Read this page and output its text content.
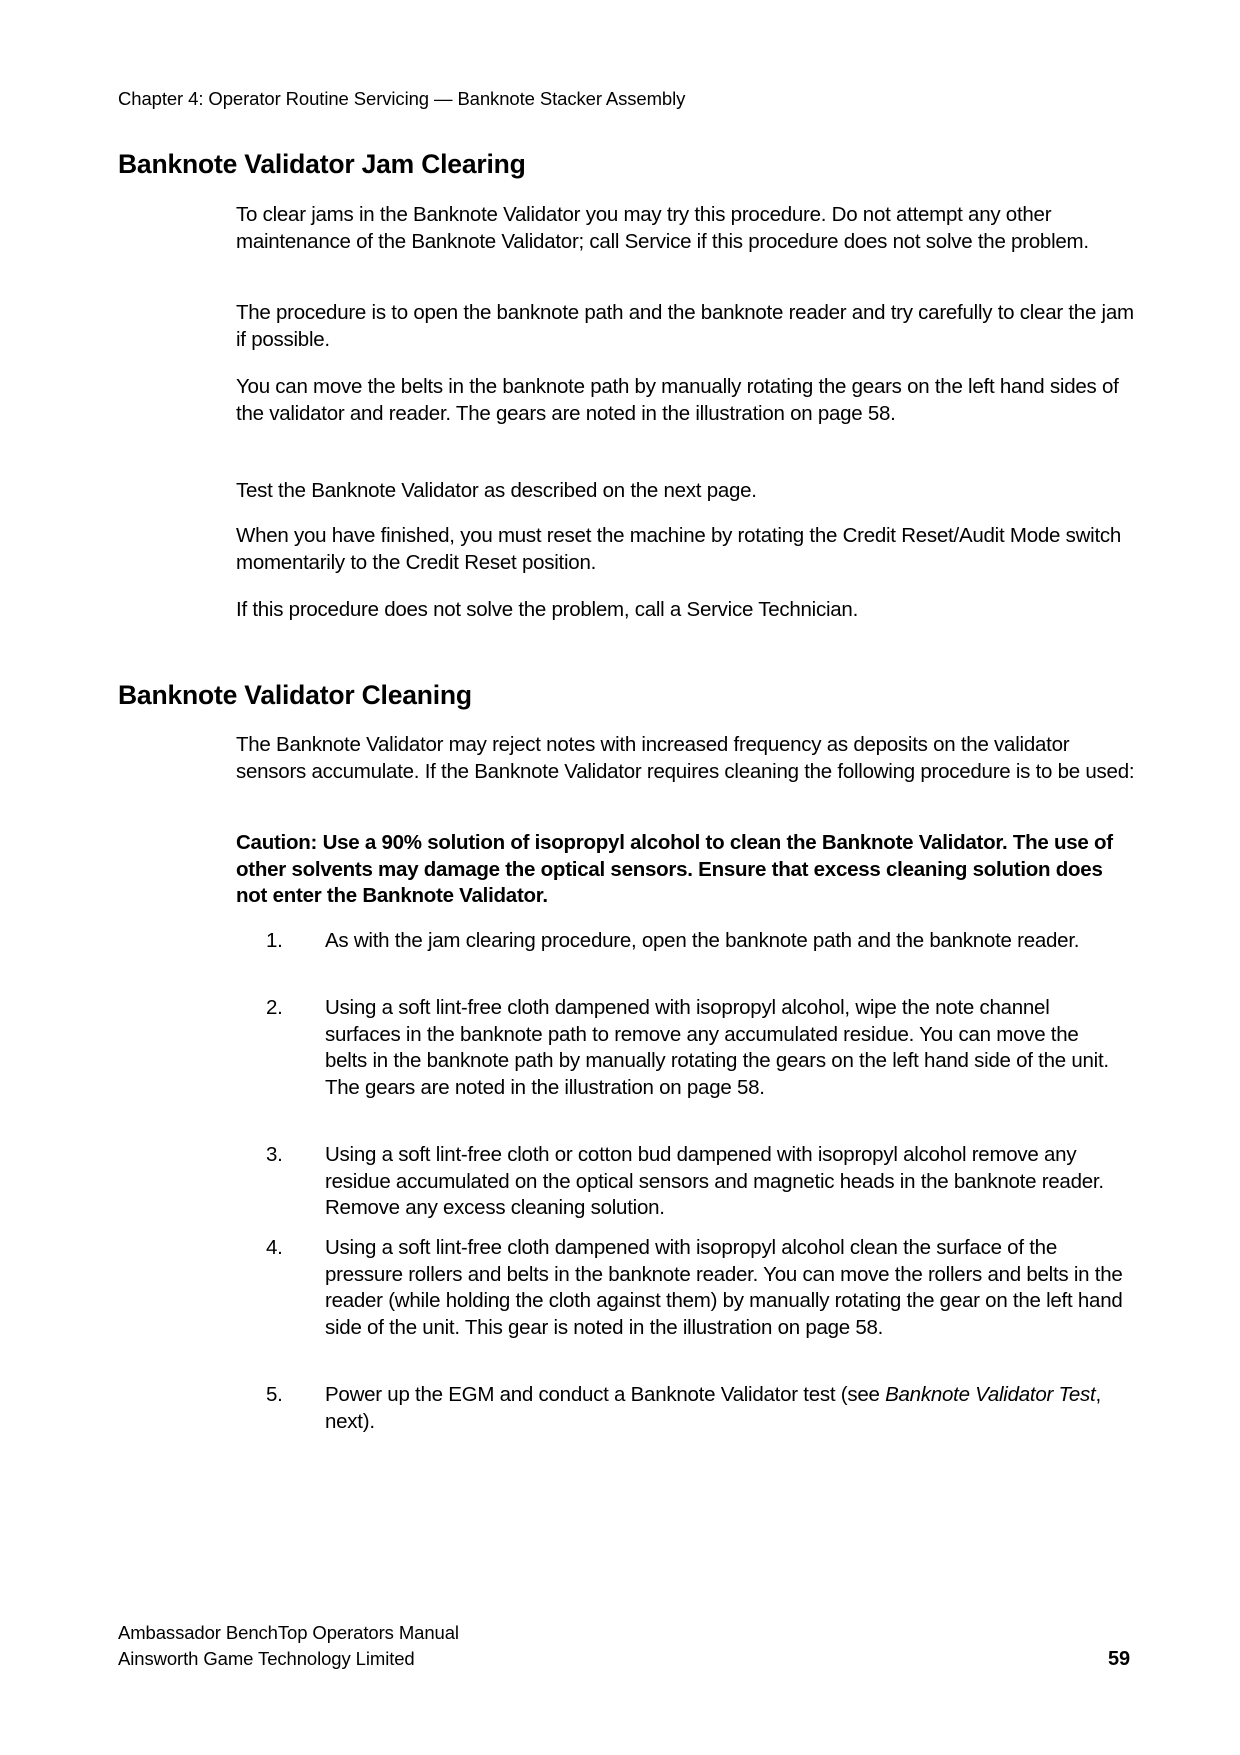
Chapter 4: Operator Routine Servicing — Banknote Stacker Assembly
Banknote Validator Jam Clearing

To clear jams in the Banknote Validator you may try this procedure. Do not attempt any other maintenance of the Banknote Validator; call Service if this procedure does not solve the problem.

The procedure is to open the banknote path and the banknote reader and try carefully to clear the jam if possible.

You can move the belts in the banknote path by manually rotating the gears on the left hand sides of the validator and reader. The gears are noted in the illustration on page 58.

Test the Banknote Validator as described on the next page.

When you have finished, you must reset the machine by rotating the Credit Reset/Audit Mode switch momentarily to the Credit Reset position.

If this procedure does not solve the problem, call a Service Technician.

Banknote Validator Cleaning

The Banknote Validator may reject notes with increased frequency as deposits on the validator sensors accumulate. If the Banknote Validator requires cleaning the following procedure is to be used:

Caution: Use a 90% solution of isopropyl alcohol to clean the Banknote Validator. The use of other solvents may damage the optical sensors. Ensure that excess cleaning solution does not enter the Banknote Validator.

1. As with the jam clearing procedure, open the banknote path and the banknote reader.
2. Using a soft lint-free cloth dampened with isopropyl alcohol, wipe the note channel surfaces in the banknote path to remove any accumulated residue. You can move the belts in the banknote path by manually rotating the gears on the left hand side of the unit. The gears are noted in the illustration on page 58.
3. Using a soft lint-free cloth or cotton bud dampened with isopropyl alcohol remove any residue accumulated on the optical sensors and magnetic heads in the banknote reader. Remove any excess cleaning solution.
4. Using a soft lint-free cloth dampened with isopropyl alcohol clean the surface of the pressure rollers and belts in the banknote reader. You can move the rollers and belts in the reader (while holding the cloth against them) by manually rotating the gear on the left hand side of the unit. This gear is noted in the illustration on page 58.
5. Power up the EGM and conduct a Banknote Validator test (see Banknote Validator Test, next).
Ambassador BenchTop Operators Manual
Ainsworth Game Technology Limited	59
